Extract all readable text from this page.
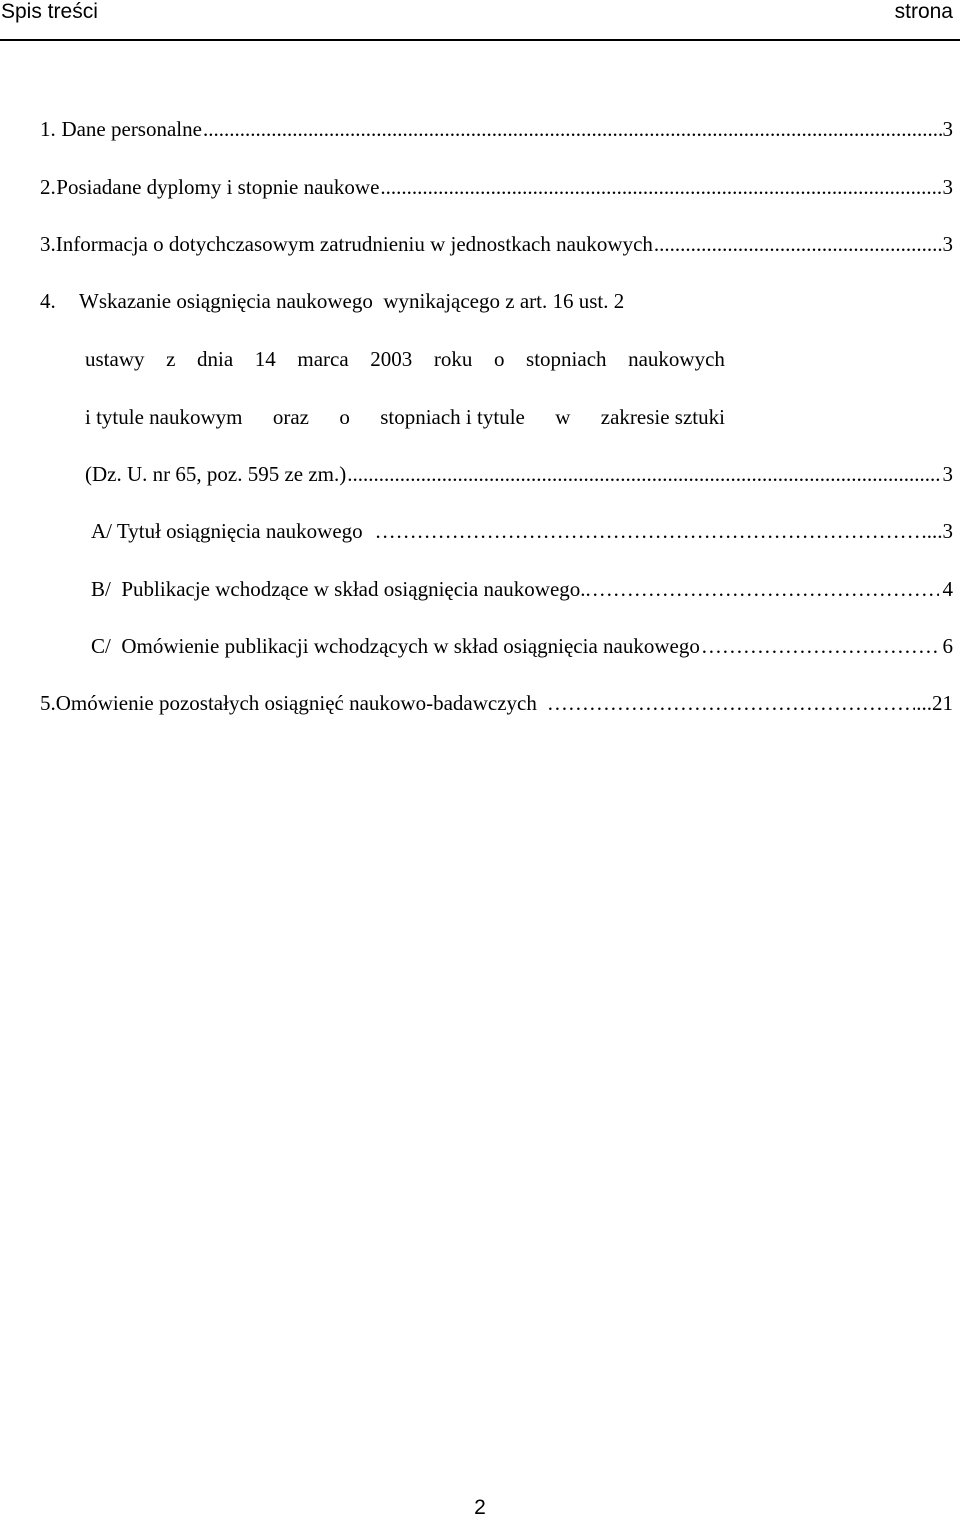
Spis treści	strona
1. Dane personalne .....	3
2. Posiadane dyplomy i stopnie naukowe .....	3
3. Informacja o dotychczasowym zatrudnieniu w jednostkach naukowych .....	3
4. Wskazanie osiągnięcia naukowego  wynikającego z art. 16 ust. 2
ustawy z dnia 14 marca 2003 roku o stopniach naukowych
i tytule naukowym oraz o stopniach i tytule w zakresie sztuki
(Dz. U. nr 65, poz. 595 ze zm.) .....	3
A/ Tytuł osiągnięcia naukowego ……………………………………………………………………………………………………………………………………………………………………	...3
B/  Publikacje wchodzące w skład osiągnięcia naukowego .. ……………………………………………………………………………………………………………………………………………………………………	4
C/  Omówienie publikacji wchodzących w skład osiągnięcia naukowego ……………………………………………………………………………………………………………………………………………………………………	6
5. Omówienie pozostałych osiągnięć naukowo-badawczych ……………………………………………………………………………………………………………………………………………………………………	...21
2
